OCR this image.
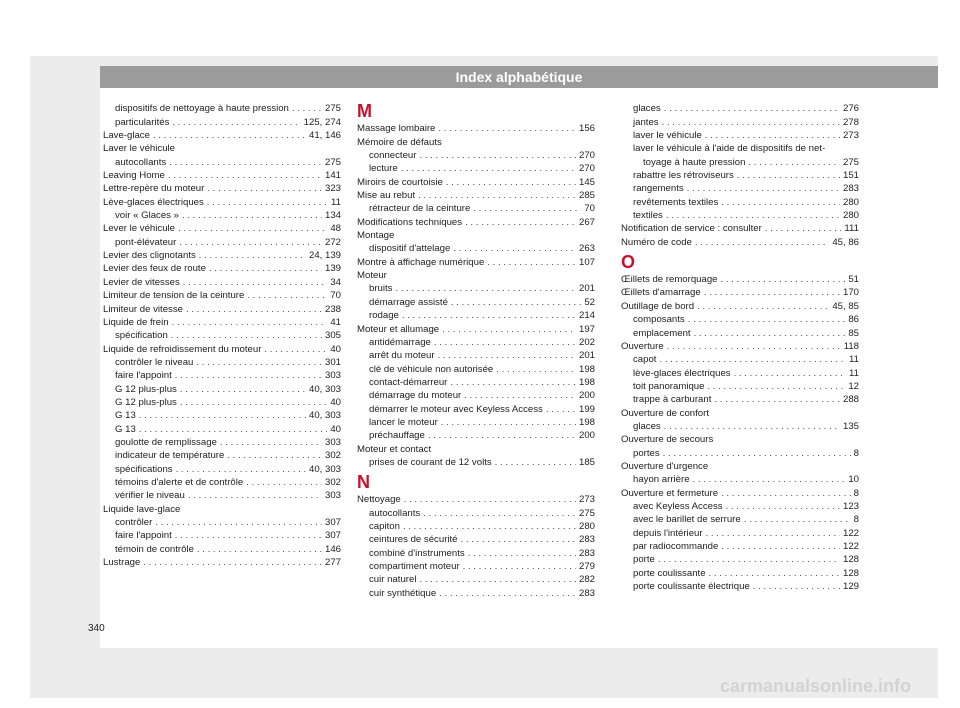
Index alphabétique
dispositifs de nettoyage à haute pression . . .	275
particularités . . .	125, 274
Lave-glace . . .	41, 146
Laver le véhicule
autocollants . . .	275
Leaving Home . . .	141
Lettre-repère du moteur . . .	323
Lève-glaces électriques . . .	11
voir « Glaces » . . .	134
Lever le véhicule . . .	48
pont-élévateur . . .	272
Levier des clignotants . . .	24, 139
Levier des feux de route . . .	139
Levier de vitesses . . .	34
Limiteur de tension de la ceinture . . .	70
Limiteur de vitesse . . .	238
Liquide de frein . . .	41
spécification . . .	305
Liquide de refroidissement du moteur . . .	40
contrôler le niveau . . .	301
faire l'appoint . . .	303
G 12 plus-plus . . .	40, 303
G 12 plus-plus . . .	40
G 13 . . .	40, 303
G 13 . . .	40
goulotte de remplissage . . .	303
indicateur de température . . .	302
spécifications . . .	40, 303
témoins d'alerte et de contrôle . . .	302
vérifier le niveau . . .	303
Liquide lave-glace
contrôler . . .	307
faire l'appoint . . .	307
témoin de contrôle . . .	146
Lustrage . . .	277
M
Massage lombaire . . .	156
Mémoire de défauts
connecteur . . .	270
lecture . . .	270
Miroirs de courtoisie . . .	145
Mise au rebut . . .	285
rétracteur de la ceinture . . .	70
Modifications techniques . . .	267
Montage
dispositif d'attelage . . .	263
Montre à affichage numérique . . .	107
Moteur
bruits . . .	201
démarrage assisté . . .	52
rodage . . .	214
Moteur et allumage . . .	197
antidémarrage . . .	202
arrêt du moteur . . .	201
clé de véhicule non autorisée . . .	198
contact-démarreur . . .	198
démarrage du moteur . . .	200
démarrer le moteur avec Keyless Access . . .	199
lancer le moteur . . .	198
préchauffage . . .	200
Moteur et contact
prises de courant de 12 volts . . .	185
N
Nettoyage . . .	273
autocollants . . .	275
capiton . . .	280
ceintures de sécurité . . .	283
combiné d'instruments . . .	283
compartiment moteur . . .	279
cuir naturel . . .	282
cuir synthétique . . .	283
glaces . . .	276
jantes . . .	278
laver le véhicule . . .	273
laver le véhicule à l'aide de dispositifs de net-
toyage à haute pression . . .	275
rabattre les rétroviseurs . . .	151
rangements . . .	283
revêtements textiles . . .	280
textiles . . .	280
Notification de service : consulter . . .	111
Numéro de code . . .	45, 86
O
Œillets de remorquage . . .	51
Œillets d'amarrage . . .	170
Outillage de bord . . .	45, 85
composants . . .	86
emplacement . . .	85
Ouverture . . .	118
capot . . .	11
lève-glaces électriques . . .	11
toit panoramique . . .	12
trappe à carburant . . .	288
Ouverture de confort
glaces . . .	135
Ouverture de secours
portes . . .	8
Ouverture d'urgence
hayon arrière . . .	10
Ouverture et fermeture . . .	8
avec Keyless Access . . .	123
avec le barillet de serrure . . .	8
depuis l'intérieur . . .	122
par radiocommande . . .	122
porte . . .	128
porte coulissante . . .	128
porte coulissante électrique . . .	129
340
carmanualsonline.info
